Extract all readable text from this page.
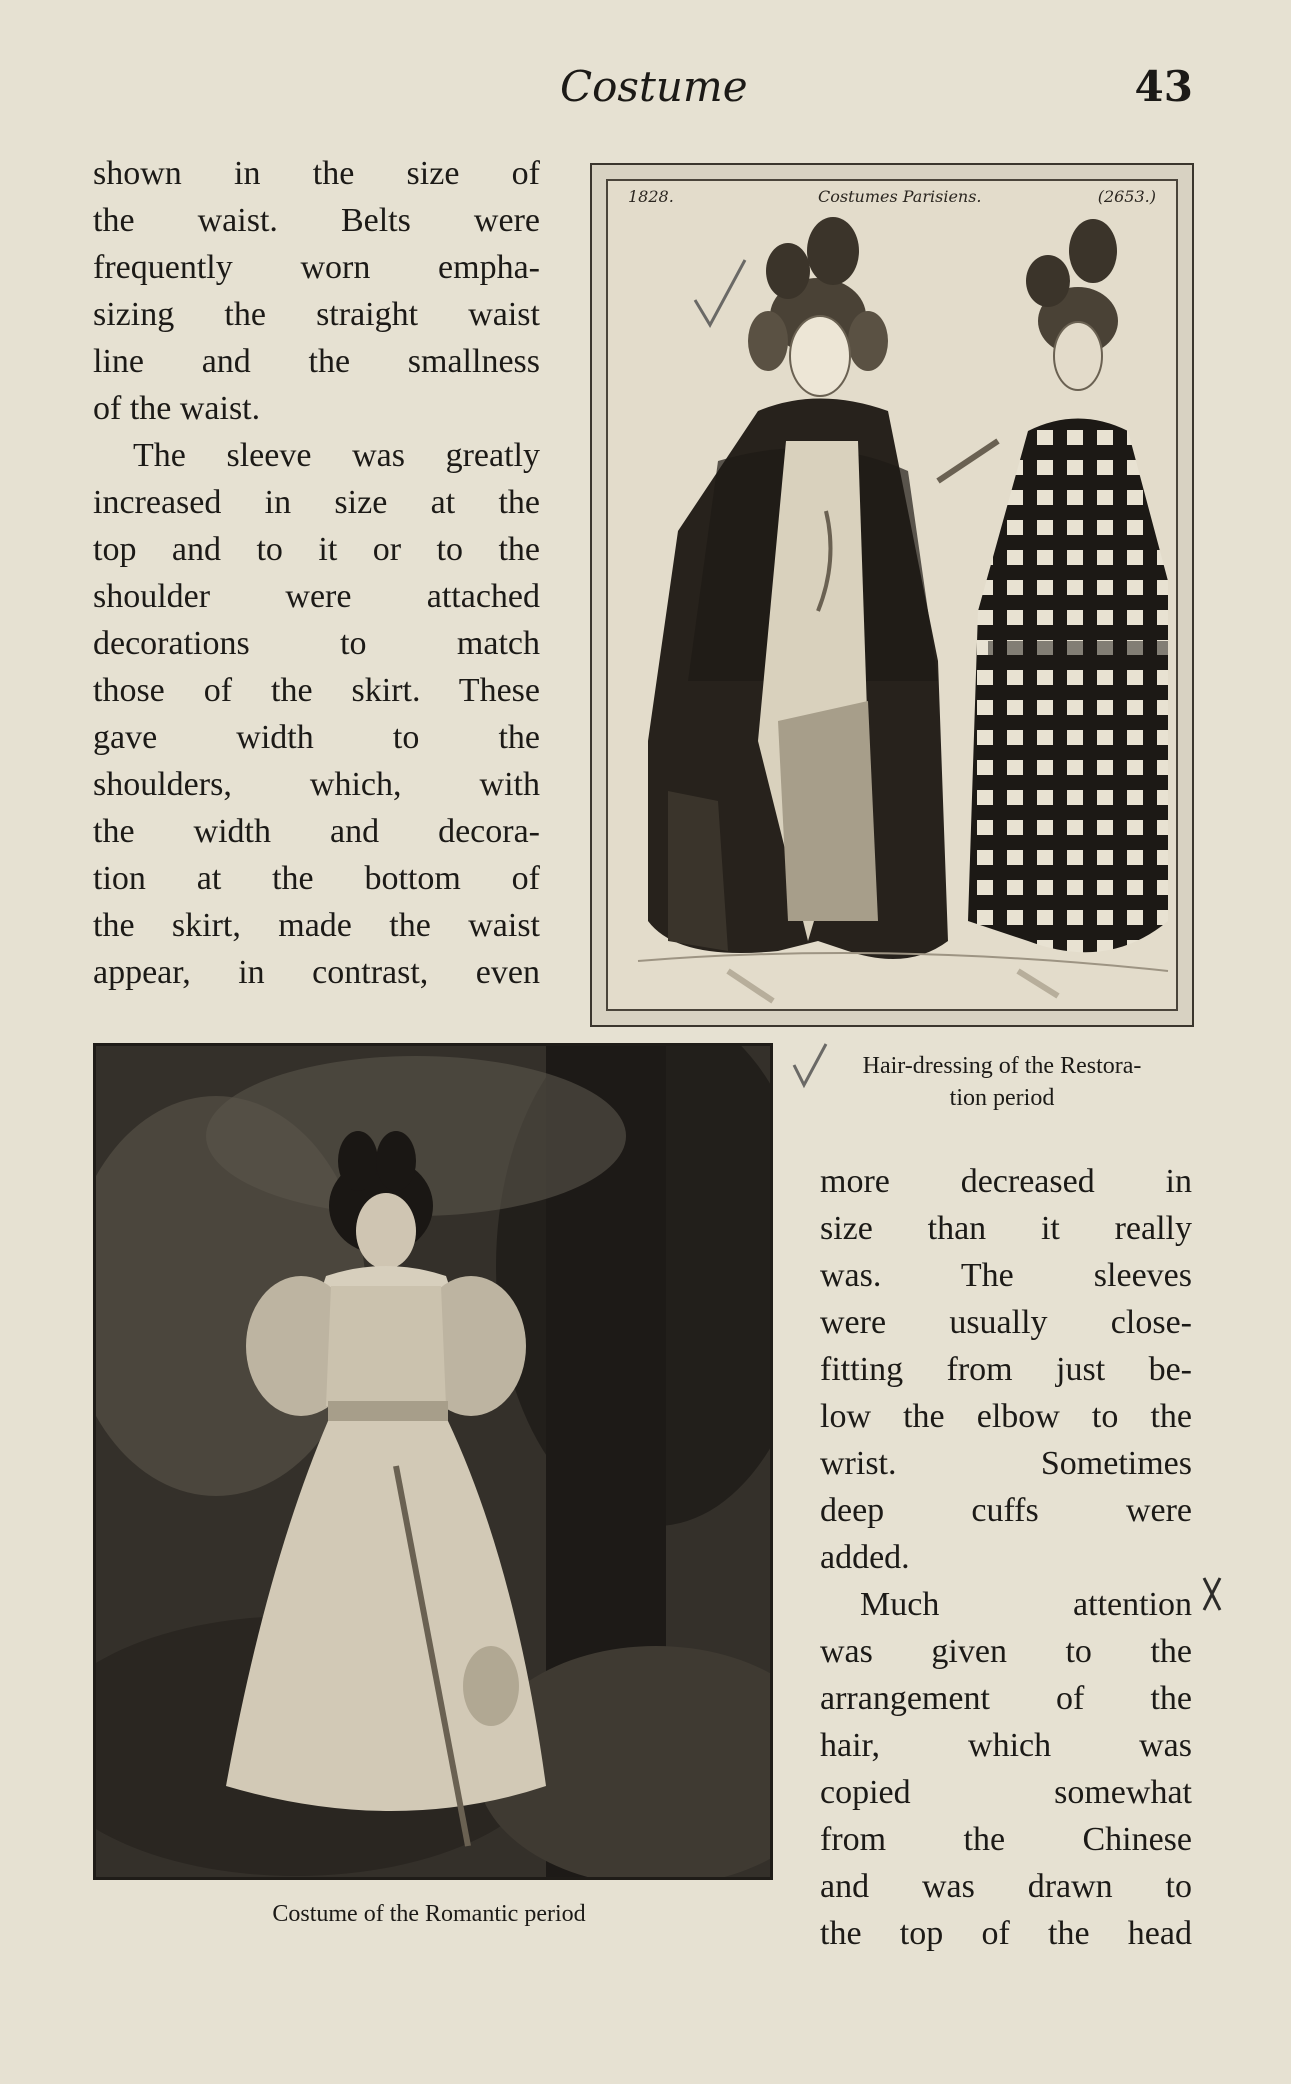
Costume	43
shown in the size of
the waist. Belts were
frequently worn empha-
sizing the straight waist
line and the smallness
of the waist.
The sleeve was greatly
increased in size at the
top and to it or to the
shoulder were attached
decorations to match
those of the skirt. These
gave width to the
shoulders, which, with
the width and decora-
tion at the bottom of
the skirt, made the waist
appear, in contrast, even
1828.	Costumes Parisiens.	(2653.)
Hair-dressing of the Restora-
tion period
Costume of the Romantic period
more decreased in
size than it really
was. The sleeves
were usually close-
fitting from just be-
low the elbow to the
wrist. Sometimes
deep cuffs were
added.
Much attention
was given to the
arrangement of the
hair, which was
copied somewhat
from the Chinese
and was drawn to
the top of the head
